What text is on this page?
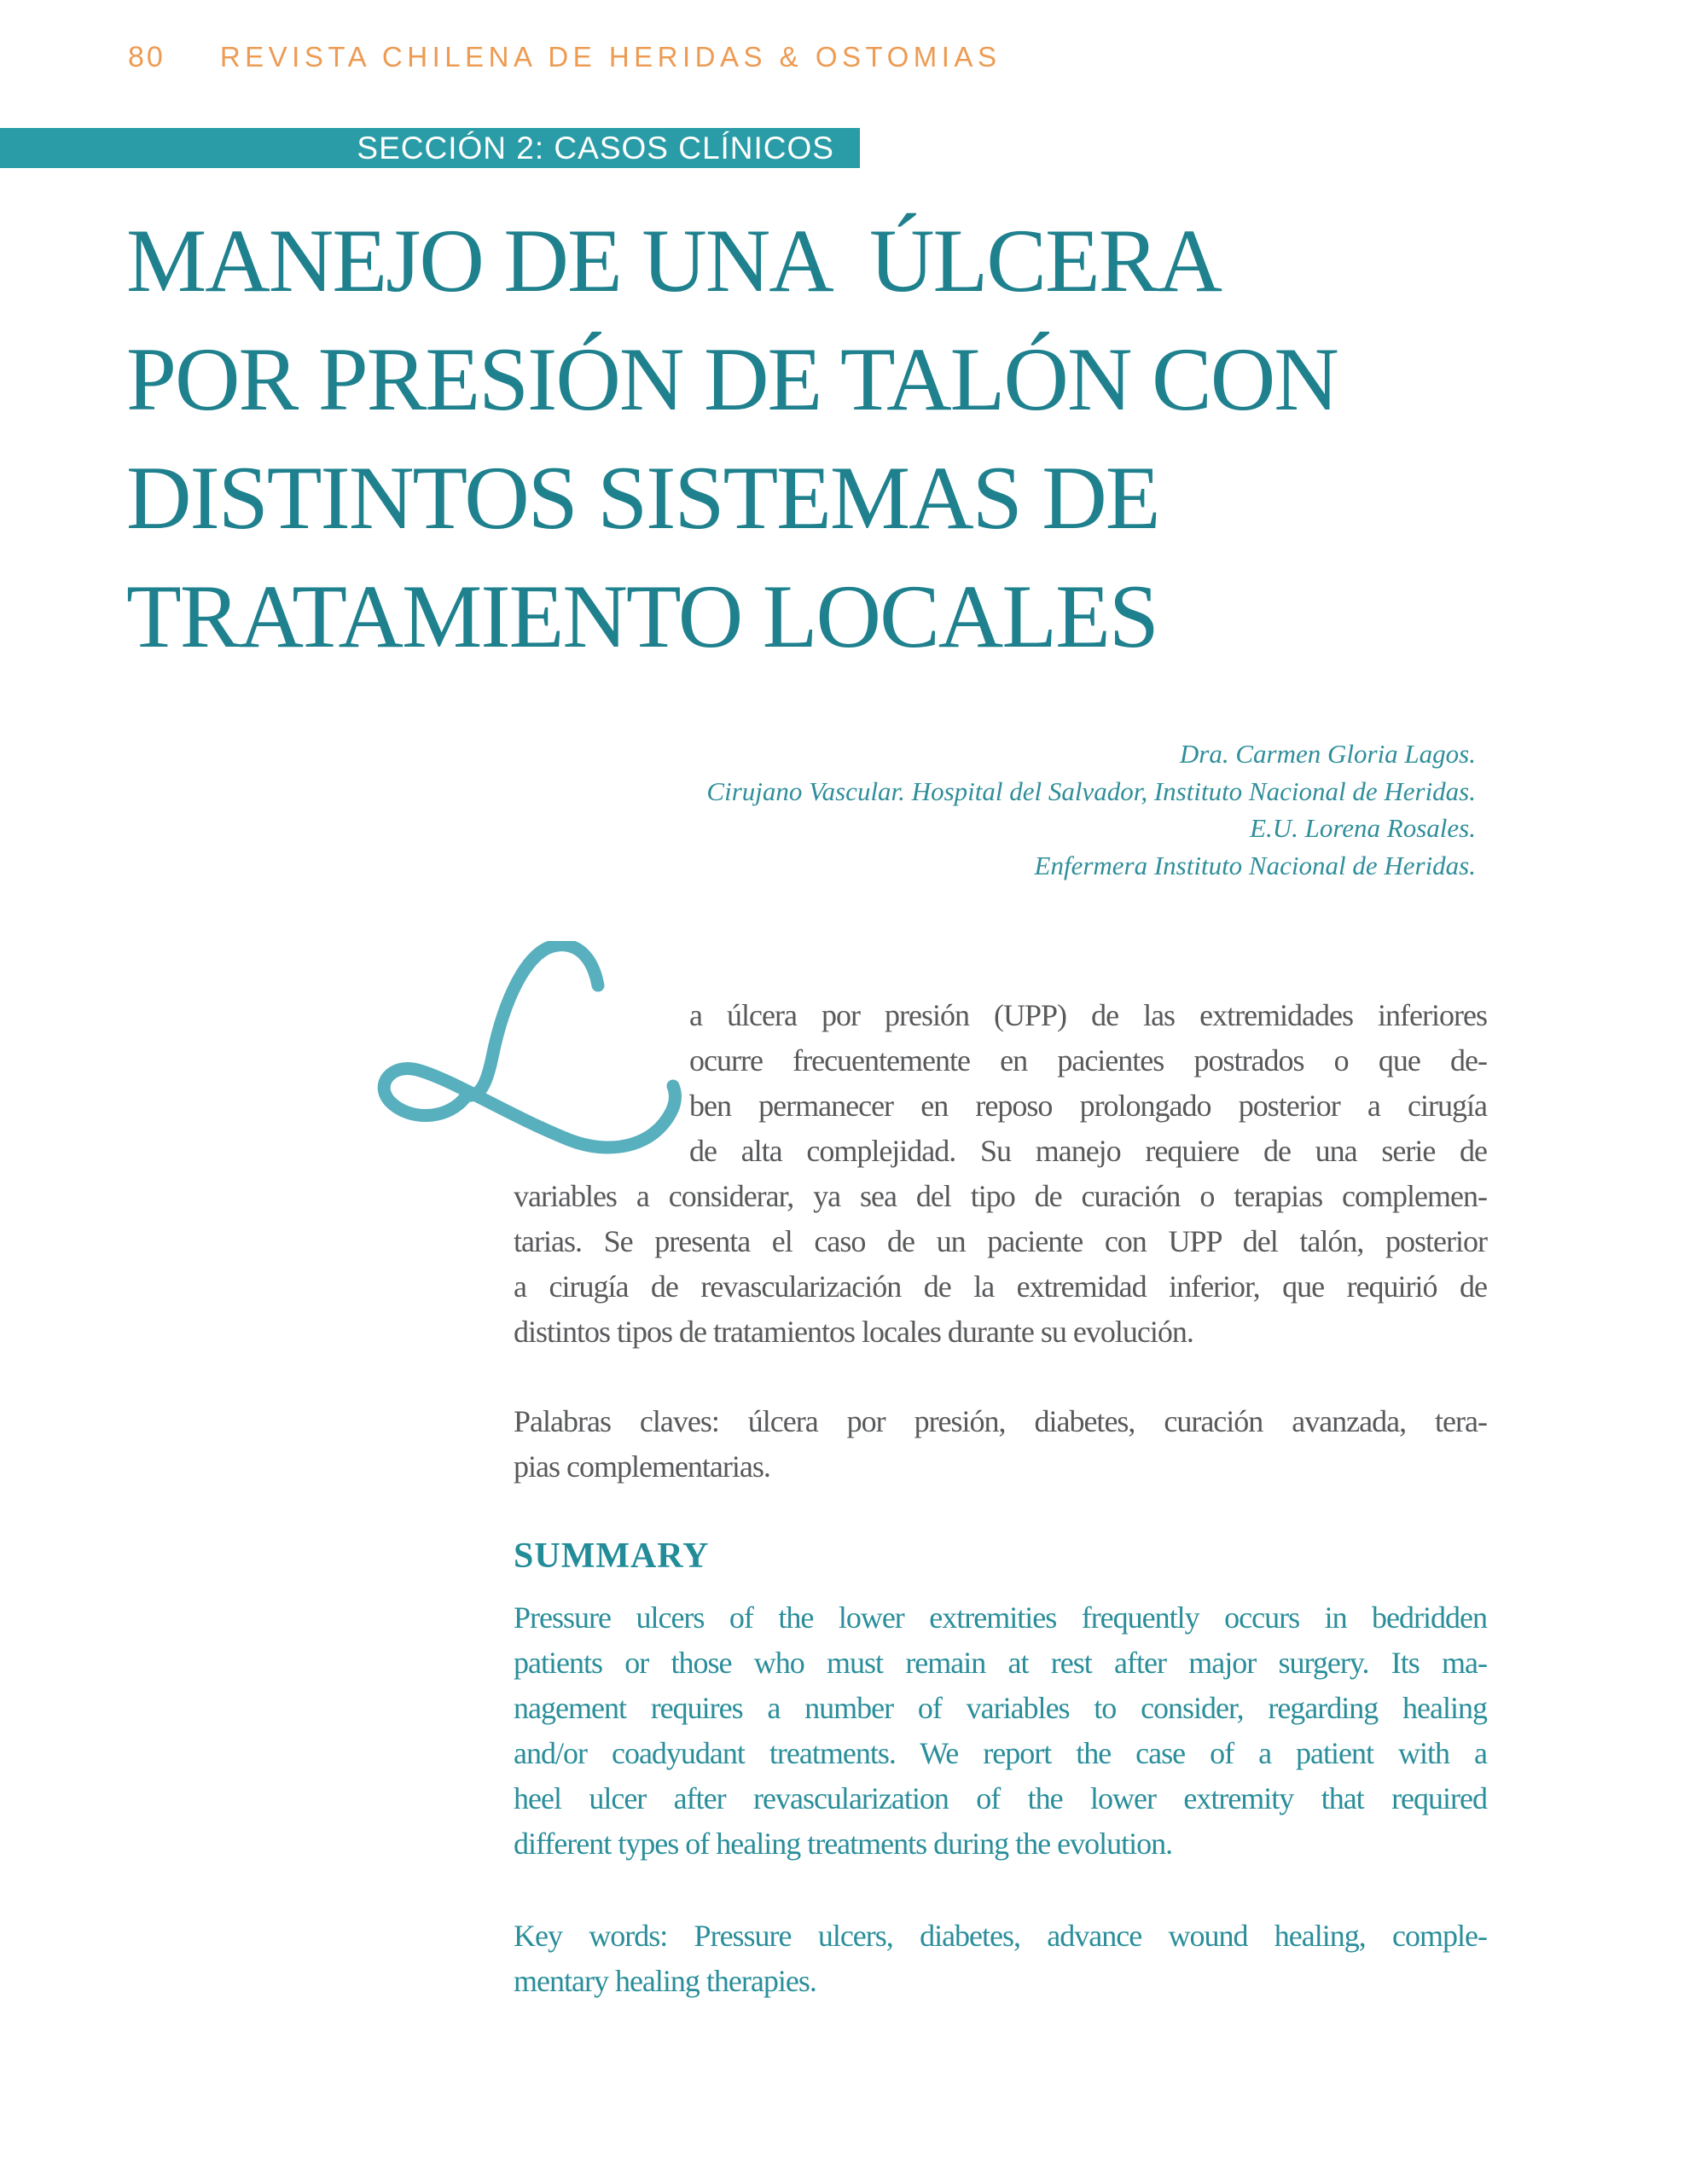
80 REVISTA CHILENA DE HERIDAS & OSTOMIAS
SECCIÓN 2: CASOS CLÍNICOS
MANEJO DE UNA  ÚLCERA
POR PRESIÓN DE TALÓN CON
DISTINTOS SISTEMAS DE
TRATAMIENTO LOCALES
Dra. Carmen Gloria Lagos.
Cirujano Vascular. Hospital del Salvador, Instituto Nacional de Heridas.
E.U. Lorena Rosales.
Enfermera Instituto Nacional de Heridas.
a úlcera por presión (UPP) de las extremidades inferiores
ocurre frecuentemente en pacientes postrados o que de-
ben permanecer en reposo prolongado posterior a cirugía
de alta complejidad. Su manejo requiere de una serie de
variables a considerar, ya sea del tipo de curación o terapias complemen-
tarias. Se presenta el caso de un paciente con UPP del talón, posterior
a cirugía de revascularización de la extremidad inferior, que requirió de
distintos tipos de tratamientos locales durante su evolución.
Palabras claves: úlcera por presión, diabetes, curación avanzada, tera-
pias complementarias.
SUMMARY
Pressure ulcers of the lower extremities frequently occurs in bedridden
patients or those who must remain at rest after major surgery. Its ma-
nagement requires a number of variables to consider, regarding healing
and/or coadyudant treatments. We report the case of a patient with a
heel ulcer after revascularization of the lower extremity that required
different types of healing treatments during the evolution.
Key words: Pressure ulcers, diabetes, advance wound healing, comple-
mentary healing therapies.
